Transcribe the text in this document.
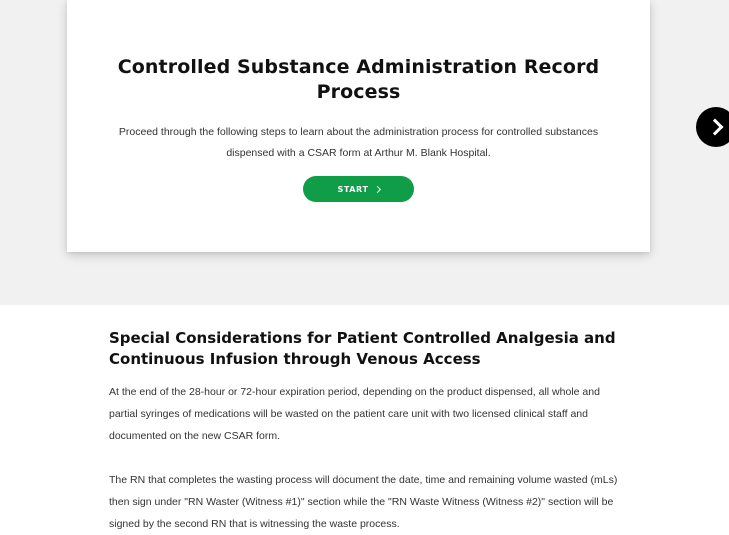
Controlled Substance Administration Record Process

Proceed through the following steps to learn about the administration process for controlled substances dispensed with a CSAR form at Arthur M. Blank Hospital.

START
Special Considerations for Patient Controlled Analgesia and Continuous Infusion through Venous Access

At the end of the 28-hour or 72-hour expiration period, depending on the product dispensed, all whole and partial syringes of medications will be wasted on the patient care unit with two licensed clinical staff and documented on the new CSAR form.

The RN that completes the wasting process will document the date, time and remaining volume wasted (mLs) then sign under "RN Waster (Witness #1)" section while the "RN Waste Witness (Witness #2)" section will be signed by the second RN that is witnessing the waste process.
